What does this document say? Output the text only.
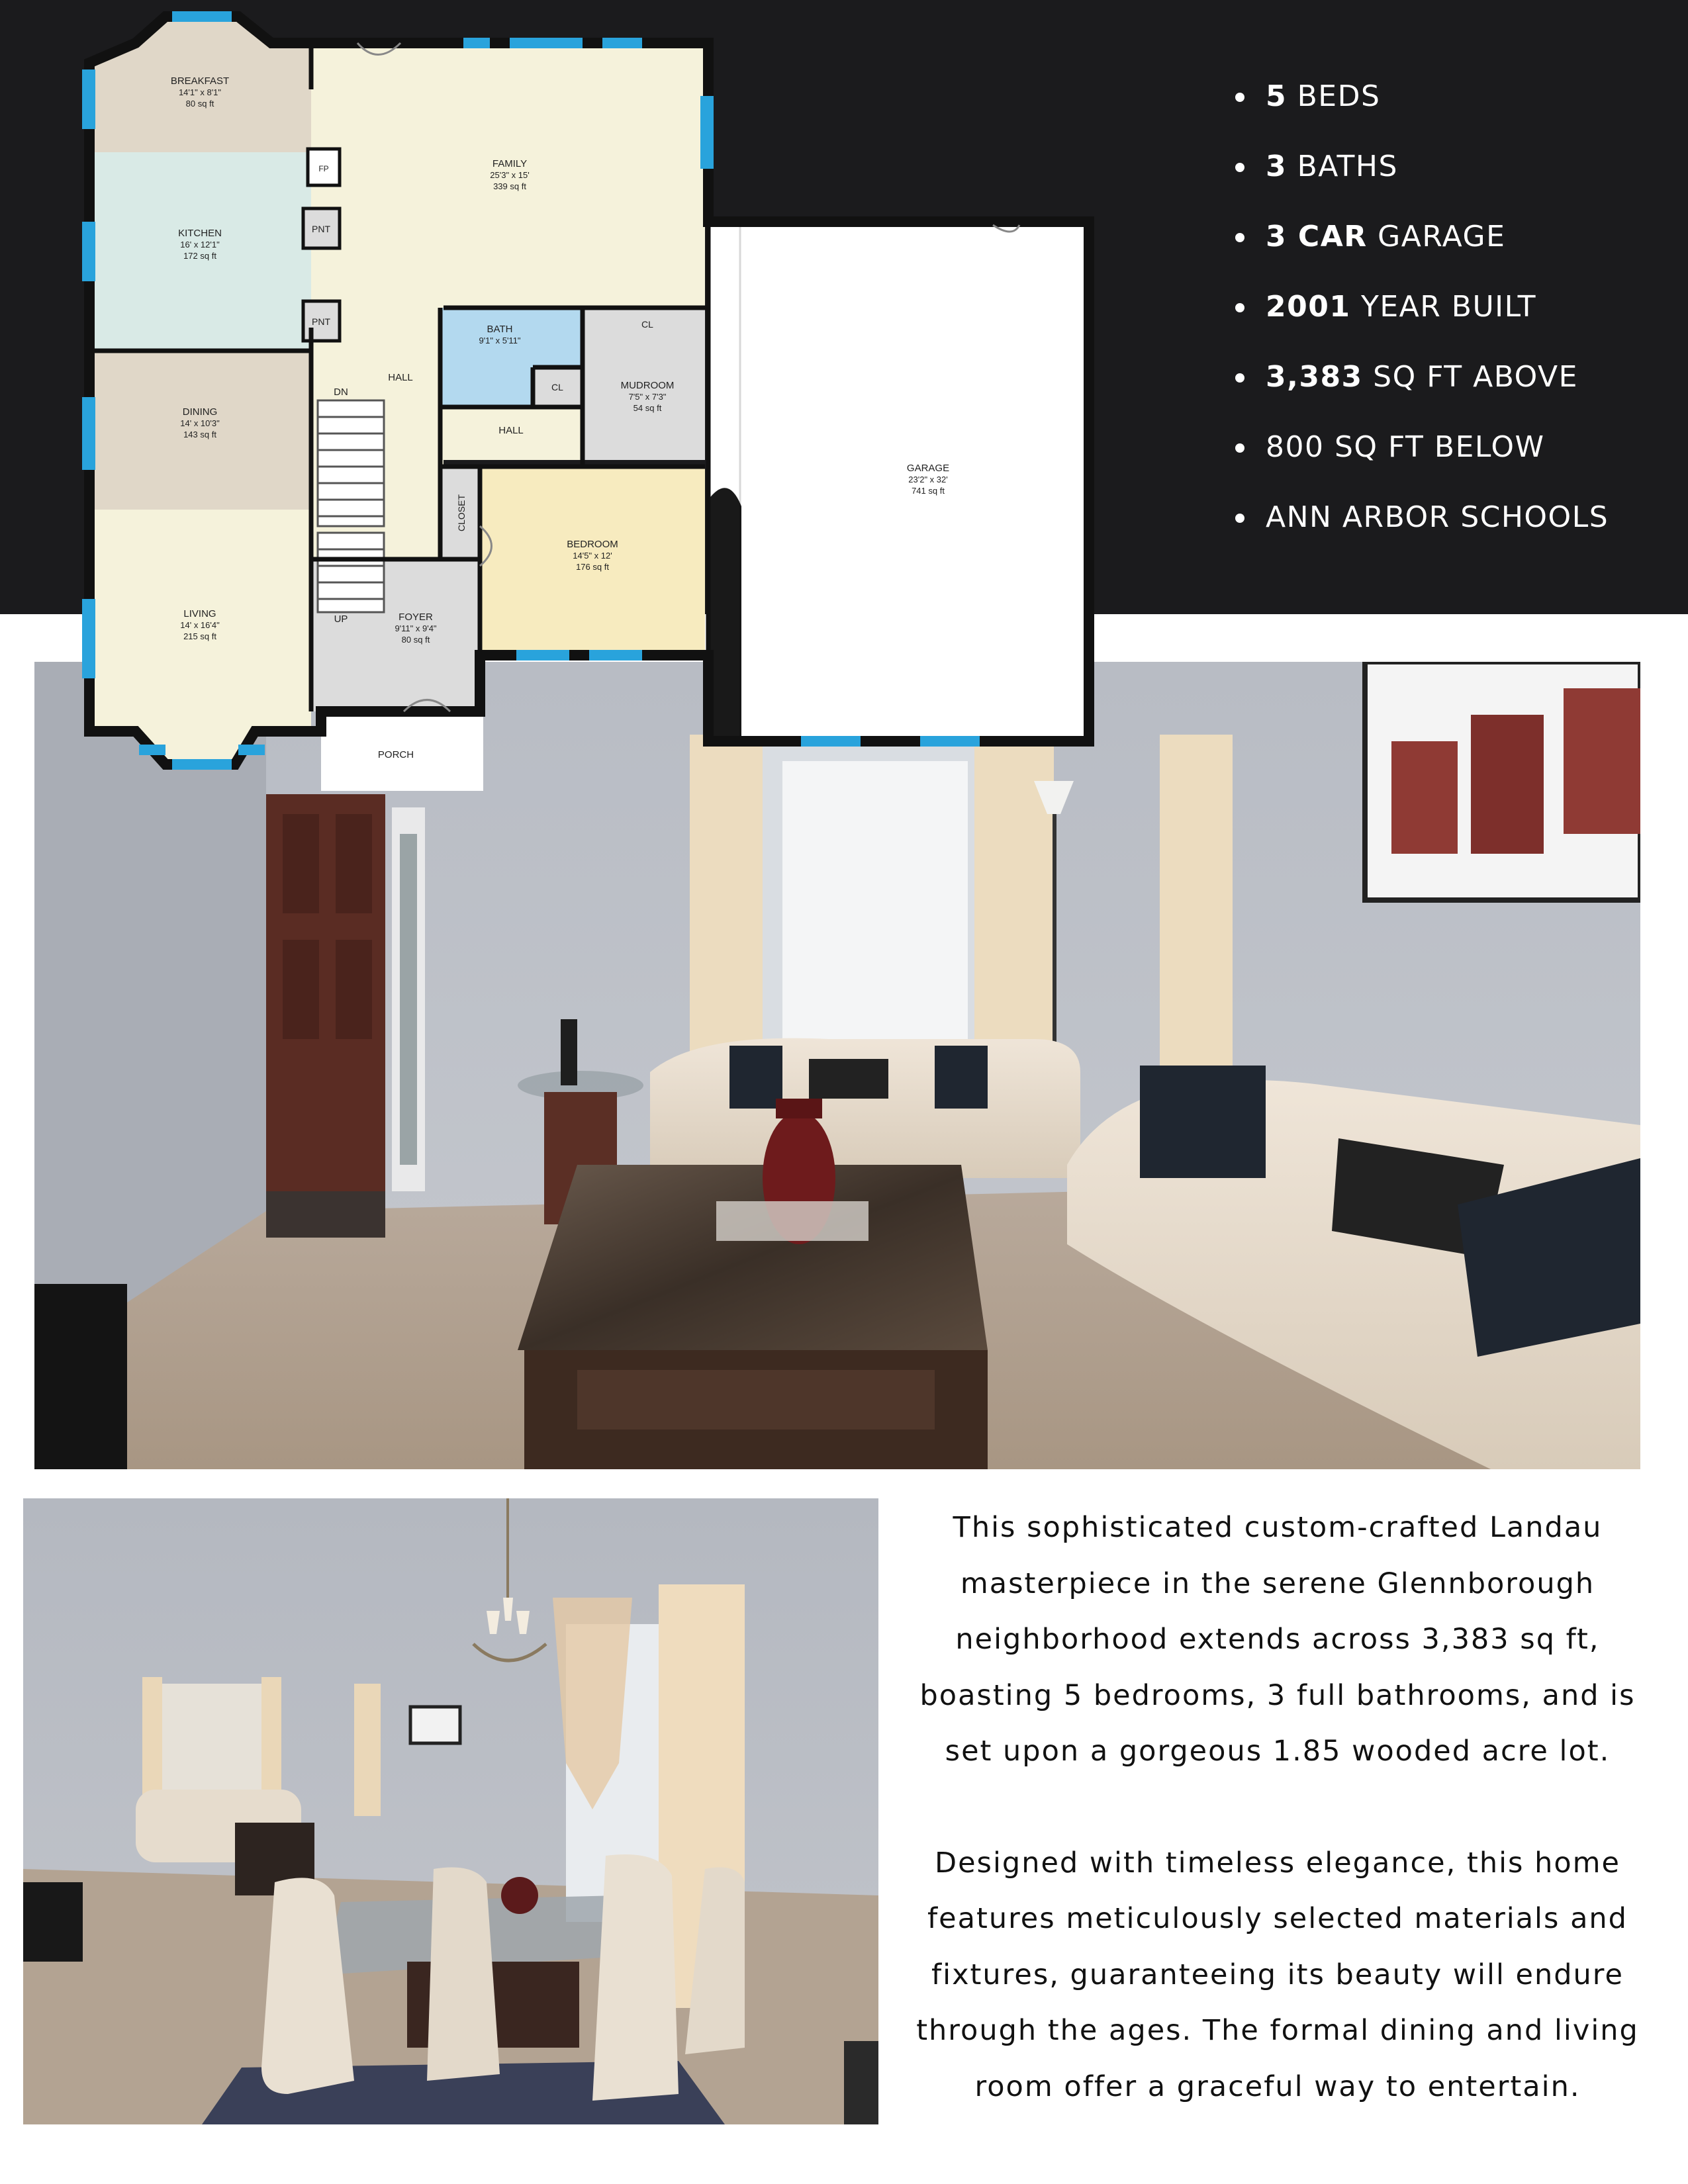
BREAKFAST
14'1" x 8'1"
80 sq ft
FAMILY
25'3" x 15'
339 sq ft
KITCHEN
16' x 12'1"
172 sq ft
DINING
14' x 10'3"
143 sq ft
LIVING
14' x 16'4"
215 sq ft
BATH
9'1" x 5'11"
MUDROOM
7'5" x 7'3"
54 sq ft
BEDROOM
14'5" x 12'
176 sq ft
FOYER
9'11" x 9'4"
80 sq ft
GARAGE
23'2" x 32'
741 sq ft
FP
PNT
PNT	CL
CL
HALL
HALL
DN
UP
CLOSET
PORCH
5 BEDS
3 BATHS
3 CAR GARAGE
2001 YEAR BUILT
3,383 SQ FT ABOVE
800 SQ FT BELOW
ANN ARBOR SCHOOLS

This sophisticated custom-crafted Landau masterpiece in the serene Glennborough neighborhood extends across 3,383 sq ft, boasting 5 bedrooms, 3 full bathrooms, and is set upon a gorgeous 1.85 wooded acre lot.

Designed with timeless elegance, this home features meticulously selected materials and fixtures, guaranteeing its beauty will endure through the ages. The formal dining and living room offer a graceful way to entertain.
